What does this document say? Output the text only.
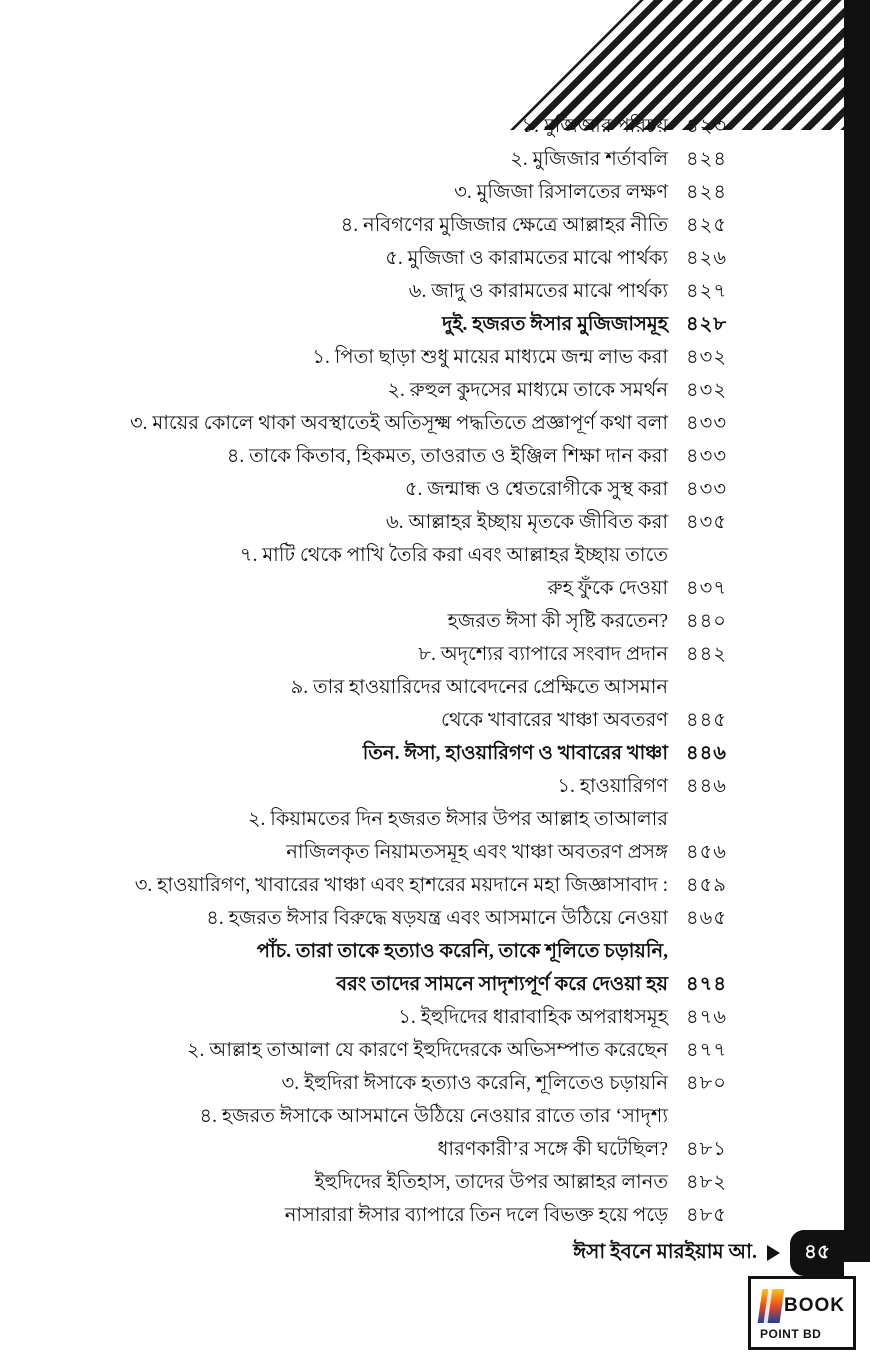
১. মুজিজার পরিচয় ৪২৩
২. মুজিজার শর্তাবলি ৪২৪
৩. মুজিজা রিসালতের লক্ষণ ৪২৪
৪. নবিগণের মুজিজার ক্ষেত্রে আল্লাহর নীতি ৪২৫
৫. মুজিজা ও কারামতের মাঝে পার্থক্য ৪২৬
৬. জাদু ও কারামতের মাঝে পার্থক্য ৪২৭
দুই. হজরত ঈসার মুজিজাসমূহ ৪২৮
১. পিতা ছাড়া শুধু মায়ের মাধ্যমে জন্ম লাভ করা ৪৩২
২. রুহুল কুদসের মাধ্যমে তাকে সমর্থন ৪৩২
৩. মায়ের কোলে থাকা অবস্থাতেই অতিসূক্ষ্ম পদ্ধতিতে প্রজ্ঞাপূর্ণ কথা বলা ৪৩৩
৪. তাকে কিতাব, হিকমত, তাওরাত ও ইঞ্জিল শিক্ষা দান করা ৪৩৩
৫. জন্মান্ধ ও শ্বেতরোগীকে সুস্থ করা ৪৩৩
৬. আল্লাহর ইচ্ছায় মৃতকে জীবিত করা ৪৩৫
৭. মাটি থেকে পাখি তৈরি করা এবং আল্লাহর ইচ্ছায় তাতে
রুহ ফুঁকে দেওয়া ৪৩৭
হজরত ঈসা কী সৃষ্টি করতেন? ৪৪০
৮. অদৃশ্যের ব্যাপারে সংবাদ প্রদান ৪৪২
৯. তার হাওয়ারিদের আবেদনের প্রেক্ষিতে আসমান
থেকে খাবারের খাঞ্চা অবতরণ ৪৪৫
তিন. ঈসা, হাওয়ারিগণ ও খাবারের খাঞ্চা ৪৪৬
১. হাওয়ারিগণ ৪৪৬
২. কিয়ামতের দিন হজরত ঈসার উপর আল্লাহ তাআলার
নাজিলকৃত নিয়ামতসমূহ এবং খাঞ্চা অবতরণ প্রসঙ্গ ৪৫৬
৩. হাওয়ারিগণ, খাবারের খাঞ্চা এবং হাশরের ময়দানে মহা জিজ্ঞাসাবাদ : ৪৫৯
৪. হজরত ঈসার বিরুদ্ধে ষড়যন্ত্র এবং আসমানে উঠিয়ে নেওয়া ৪৬৫
পাঁচ. তারা তাকে হত্যাও করেনি, তাকে শূলিতে চড়ায়নি,
বরং তাদের সামনে সাদৃশ্যপূর্ণ করে দেওয়া হয় ৪৭৪
১. ইহুদিদের ধারাবাহিক অপরাধসমূহ ৪৭৬
২. আল্লাহ তাআলা যে কারণে ইহুদিদেরকে অভিসম্পাত করেছেন ৪৭৭
৩. ইহুদিরা ঈসাকে হত্যাও করেনি, শূলিতেও চড়ায়নি ৪৮০
৪. হজরত ঈসাকে আসমানে উঠিয়ে নেওয়ার রাতে তার ‘সাদৃশ্য
ধারণকারী’র সঙ্গে কী ঘটেছিল? ৪৮১
ইহুদিদের ইতিহাস, তাদের উপর আল্লাহর লানত ৪৮২
নাসারারা ঈসার ব্যাপারে তিন দলে বিভক্ত হয়ে পড়ে ৪৮৫
ঈসা ইবনে মারইয়াম আ.	৪৫
BOOK
POINT BD
